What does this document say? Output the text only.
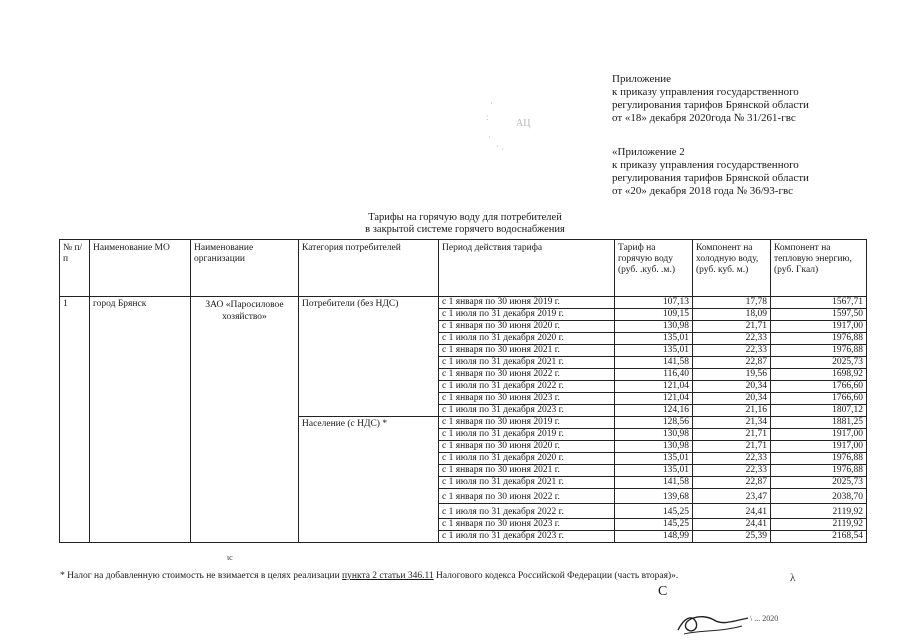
Приложение
к приказу управления государственного
регулирования тарифов Брянской области
от «18» декабря 2020года № 31/261-гвс
«Приложение 2
к приказу управления государственного
регулирования тарифов Брянской области
от «20» декабря 2018 года № 36/93-гвс
·
:
АЦ
·
` ·
Тарифы на горячую воду для потребителей
в закрытой системе горячего водоснабжения
№ п/п	Наименование МО	Наименование организации	Категория потребителей	Период действия тарифа	Тариф на горячую воду (руб. .куб. .м.)	Компонент на холодную воду, (руб. куб. м.)	Компонент на тепловую энергию, (руб. Гкал)
1	город Брянск	ЗАО «Паросиловое хозяйство»	Потребители (без НДС)	с 1 января по 30 июня 2019 г.	107,13	17,78	1567,71
				с 1 июля по 31 декабря 2019 г.	109,15	18,09	1597,50
				с 1 января по 30 июня 2020 г.	130,98	21,71	1917,00
				с 1 июля по 31 декабря 2020 г.	135,01	22,33	1976,88
				с 1 января по 30 июня 2021 г.	135,01	22,33	1976,88
				с 1 июля по 31 декабря 2021 г.	141,58	22,87	2025,73
				с 1 января по 30 июня 2022 г.	116,40	19,56	1698,92
				с 1 июля по 31 декабря 2022 г.	121,04	20,34	1766,60
				с 1 января по 30 июня 2023 г.	121,04	20,34	1766,60
				с 1 июля по 31 декабря 2023 г.	124,16	21,16	1807,12
			Население (с НДС) *	с 1 января по 30 июня 2019 г.	128,56	21,34	1881,25
				с 1 июля по 31 декабря 2019 г.	130,98	21,71	1917,00
				с 1 января по 30 июня 2020 г.	130,98	21,71	1917,00
				с 1 июля по 31 декабря 2020 г.	135,01	22,33	1976,88
				с 1 января по 30 июня 2021 г.	135,01	22,33	1976,88
				с 1 июля по 31 декабря 2021 г.	141,58	22,87	2025,73
				с 1 января по 30 июня 2022 г.	139,68	23,47	2038,70
				с 1 июля по 31 декабря 2022 г.	145,25	24,41	2119,92
				с 1 января по 30 июня 2023 г.	145,25	24,41	2119,92
				с 1 июля по 31 декабря 2023 г.	148,99	25,39	2168,54
* Налог на добавленную стоимость не взимается в целях реализации пункта 2 статьи 346.11 Налогового кодекса Российской Федерации (часть вторая)».
С
\ ... 2020
λ
ιc
